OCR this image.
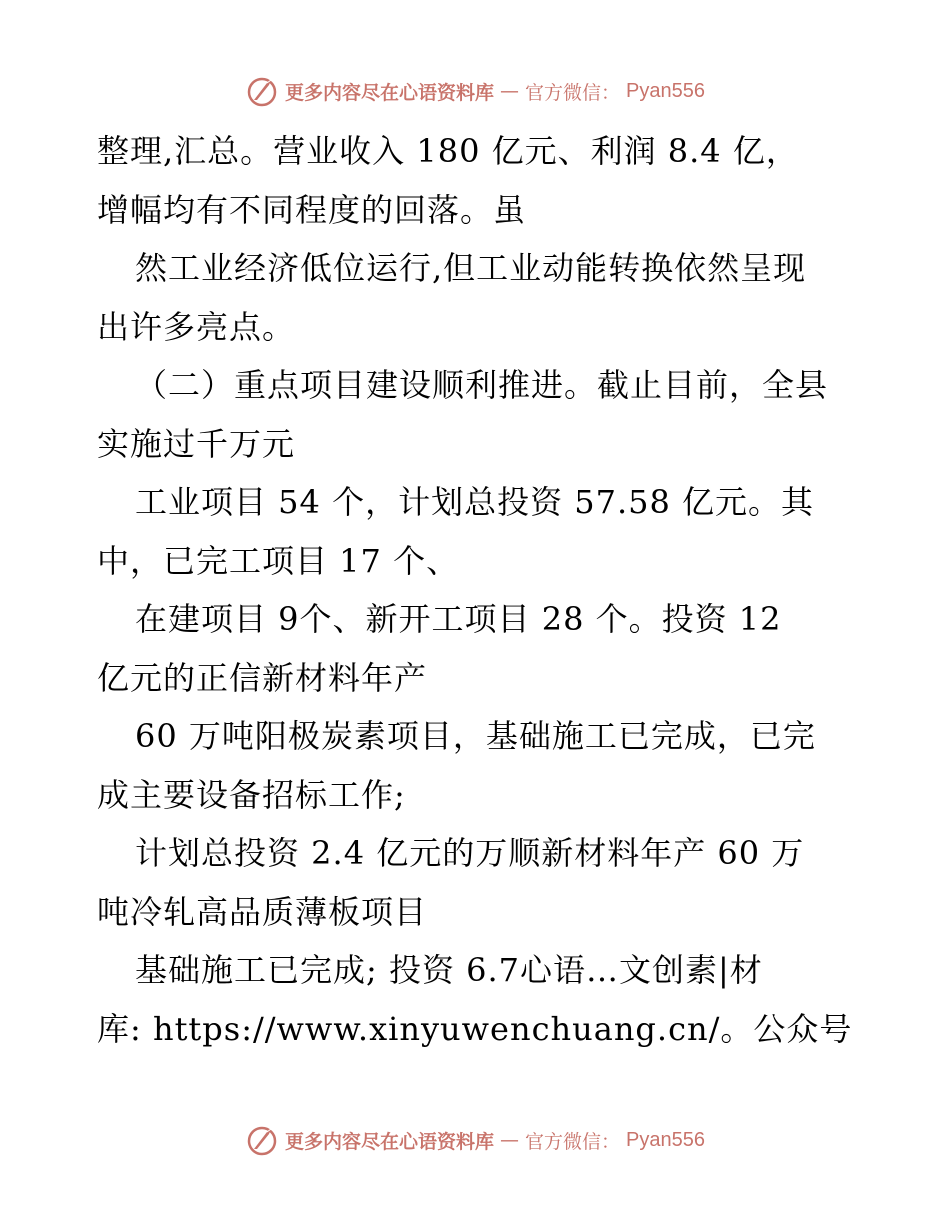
更多内容尽在心语资料库 — 官方微信： Pyan556
整理,汇总。营业收入 180 亿元、利润 8.4 亿，
增幅均有不同程度的回落。虽
然工业经济低位运行,但工业动能转换依然呈现
出许多亮点。
（二）重点项目建设顺利推进。截止目前，全县
实施过千万元
工业项目 54 个，计划总投资 57.58 亿元。其
中，已完工项目 17 个、
在建项目 9个、新开工项目 28 个。投资 12
亿元的正信新材料年产
60 万吨阳极炭素项目，基础施工已完成，已完
成主要设备招标工作;
计划总投资 2.4 亿元的万顺新材料年产 60 万
吨冷轧高品质薄板项目
基础施工已完成; 投资 6.7心语…文创素|材
库: https://www.xinyuwenchuang.cn/。公众号
更多内容尽在心语资料库 — 官方微信： Pyan556
